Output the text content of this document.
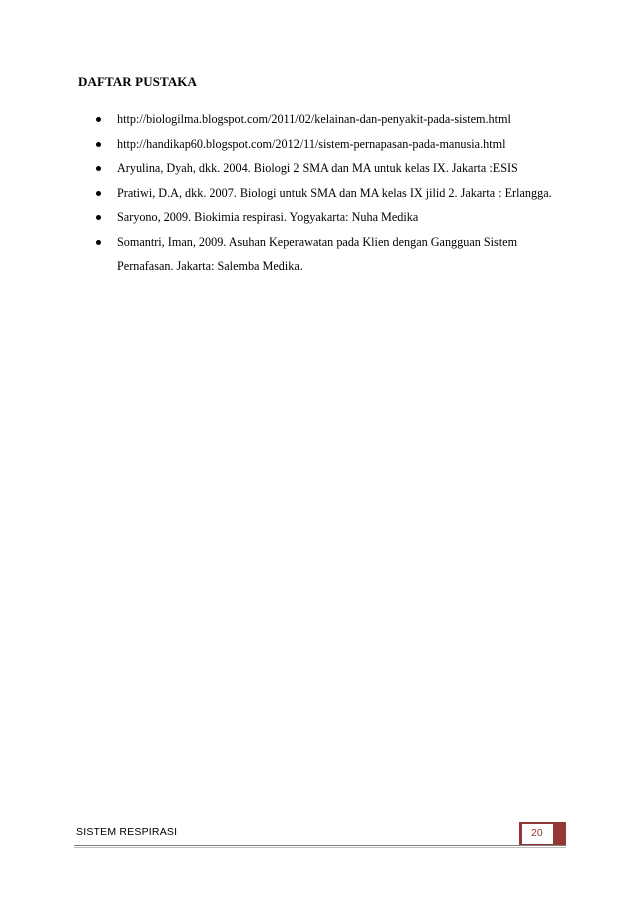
DAFTAR PUSTAKA
http://biologilma.blogspot.com/2011/02/kelainan-dan-penyakit-pada-sistem.html
http://handikap60.blogspot.com/2012/11/sistem-pernapasan-pada-manusia.html
Aryulina, Dyah, dkk. 2004. Biologi 2 SMA dan MA untuk kelas IX. Jakarta :ESIS
Pratiwi, D.A, dkk. 2007. Biologi untuk SMA dan MA kelas IX jilid 2. Jakarta : Erlangga.
Saryono, 2009. Biokimia respirasi. Yogyakarta: Nuha Medika
Somantri, Iman, 2009. Asuhan Keperawatan pada Klien dengan Gangguan Sistem Pernafasan. Jakarta: Salemba Medika.
SISTEM RESPIRASI	20
